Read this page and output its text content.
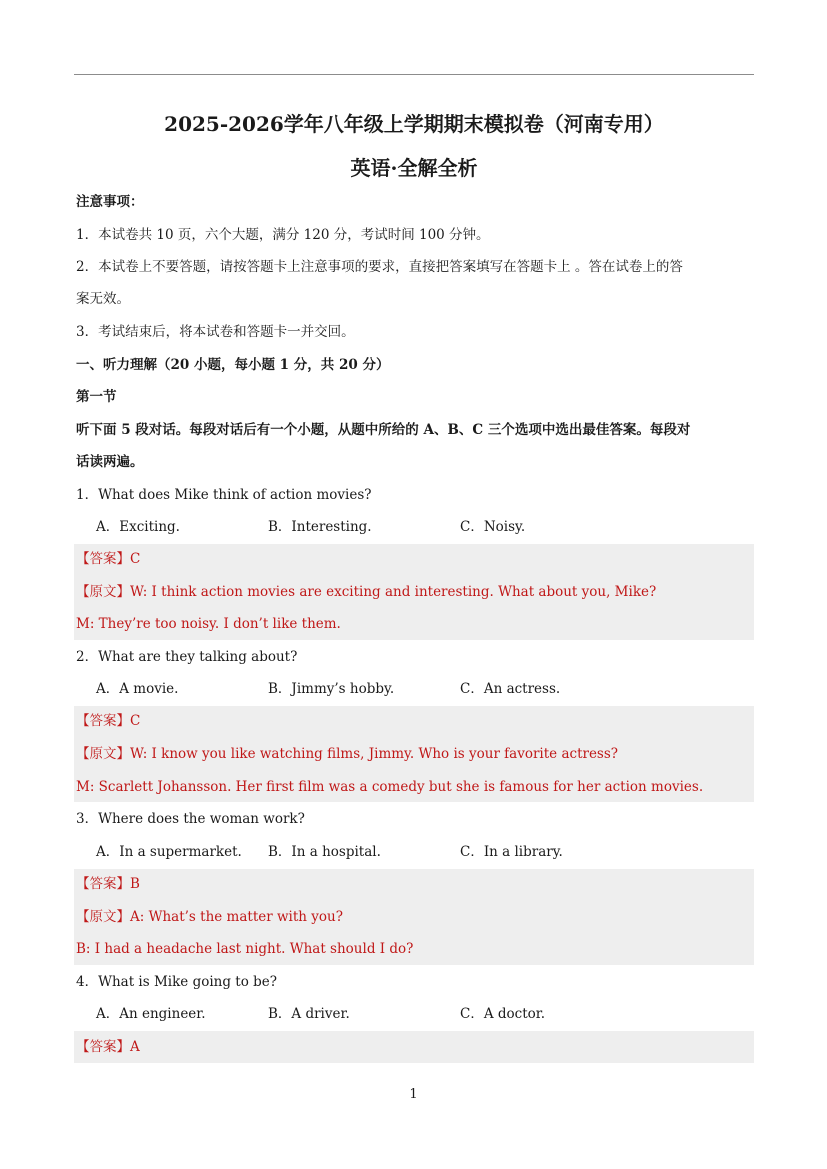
2025-2026学年八年级上学期期末模拟卷（河南专用）
英语·全解全析
注意事项：
1．本试卷共 10 页，六个大题，满分 120 分，考试时间 100 分钟。
2．本试卷上不要答题，请按答题卡上注意事项的要求，直接把答案填写在答题卡上 。答在试卷上的答
案无效。
3．考试结束后，将本试卷和答题卡一并交回。
一、听力理解（20 小题，每小题 1 分，共 20 分）
第一节
听下面 5 段对话。每段对话后有一个小题，从题中所给的 A、B、C 三个选项中选出最佳答案。每段对
话读两遍。
1．What does Mike think of action movies?
A．Exciting.	B．Interesting.	C．Noisy.
【答案】C
【原文】W: I think action movies are exciting and interesting. What about you, Mike?
M: They’re too noisy. I don’t like them.
2．What are they talking about?
A．A movie.	B．Jimmy’s hobby.	C．An actress.
【答案】C
【原文】W: I know you like watching films, Jimmy. Who is your favorite actress?
M: Scarlett Johansson. Her first film was a comedy but she is famous for her action movies.
3．Where does the woman work?
A．In a supermarket. B．In a hospital.	C．In a library.
【答案】B
【原文】A: What’s the matter with you?
B: I had a headache last night. What should I do?
4．What is Mike going to be?
A．An engineer.	B．A driver.	C．A doctor.
【答案】A
1
